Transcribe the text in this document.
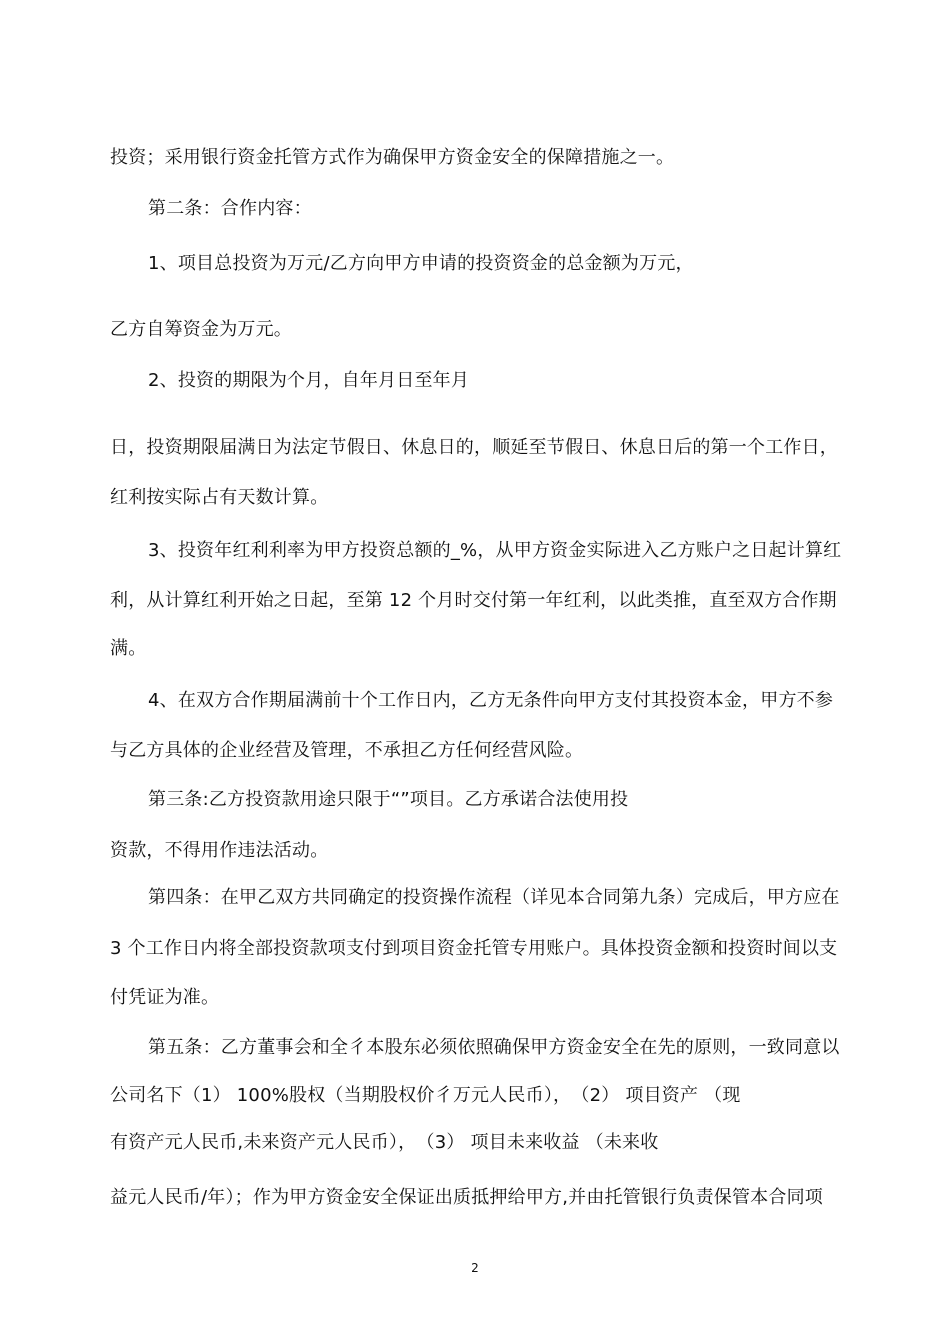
投资；采用银行资金托管方式作为确保甲方资金安全的保障措施之一。
第二条：合作内容：
1、项目总投资为万元/乙方向甲方申请的投资资金的总金额为万元，
乙方自筹资金为万元。
2、投资的期限为个月，自年月日至年月
日，投资期限届满日为法定节假日、休息日的，顺延至节假日、休息日后的第一个工作日，
红利按实际占有天数计算。
3、投资年红利利率为甲方投资总额的_%，从甲方资金实际进入乙方账户之日起计算红
利，从计算红利开始之日起，至第 12 个月时交付第一年红利，以此类推，直至双方合作期
满。
4、在双方合作期届满前十个工作日内，乙方无条件向甲方支付其投资本金，甲方不参
与乙方具体的企业经营及管理，不承担乙方任何经营风险。
第三条:乙方投资款用途只限于“”项目。乙方承诺合法使用投
资款，不得用作违法活动。
第四条：在甲乙双方共同确定的投资操作流程（详见本合同第九条）完成后，甲方应在
3 个工作日内将全部投资款项支付到项目资金托管专用账户。具体投资金额和投资时间以支
付凭证为准。
第五条：乙方董事会和全彳本股东必须依照确保甲方资金安全在先的原则，一致同意以
公司名下（1） 100%股权（当期股权价彳万元人民币），　（2） 项目资产 （现
有资产元人民币,未来资产元人民币），　（3） 项目未来收益 （未来收
益元人民币/年）；作为甲方资金安全保证出质抵押给甲方,并由托管银行负责保管本合同项
2
